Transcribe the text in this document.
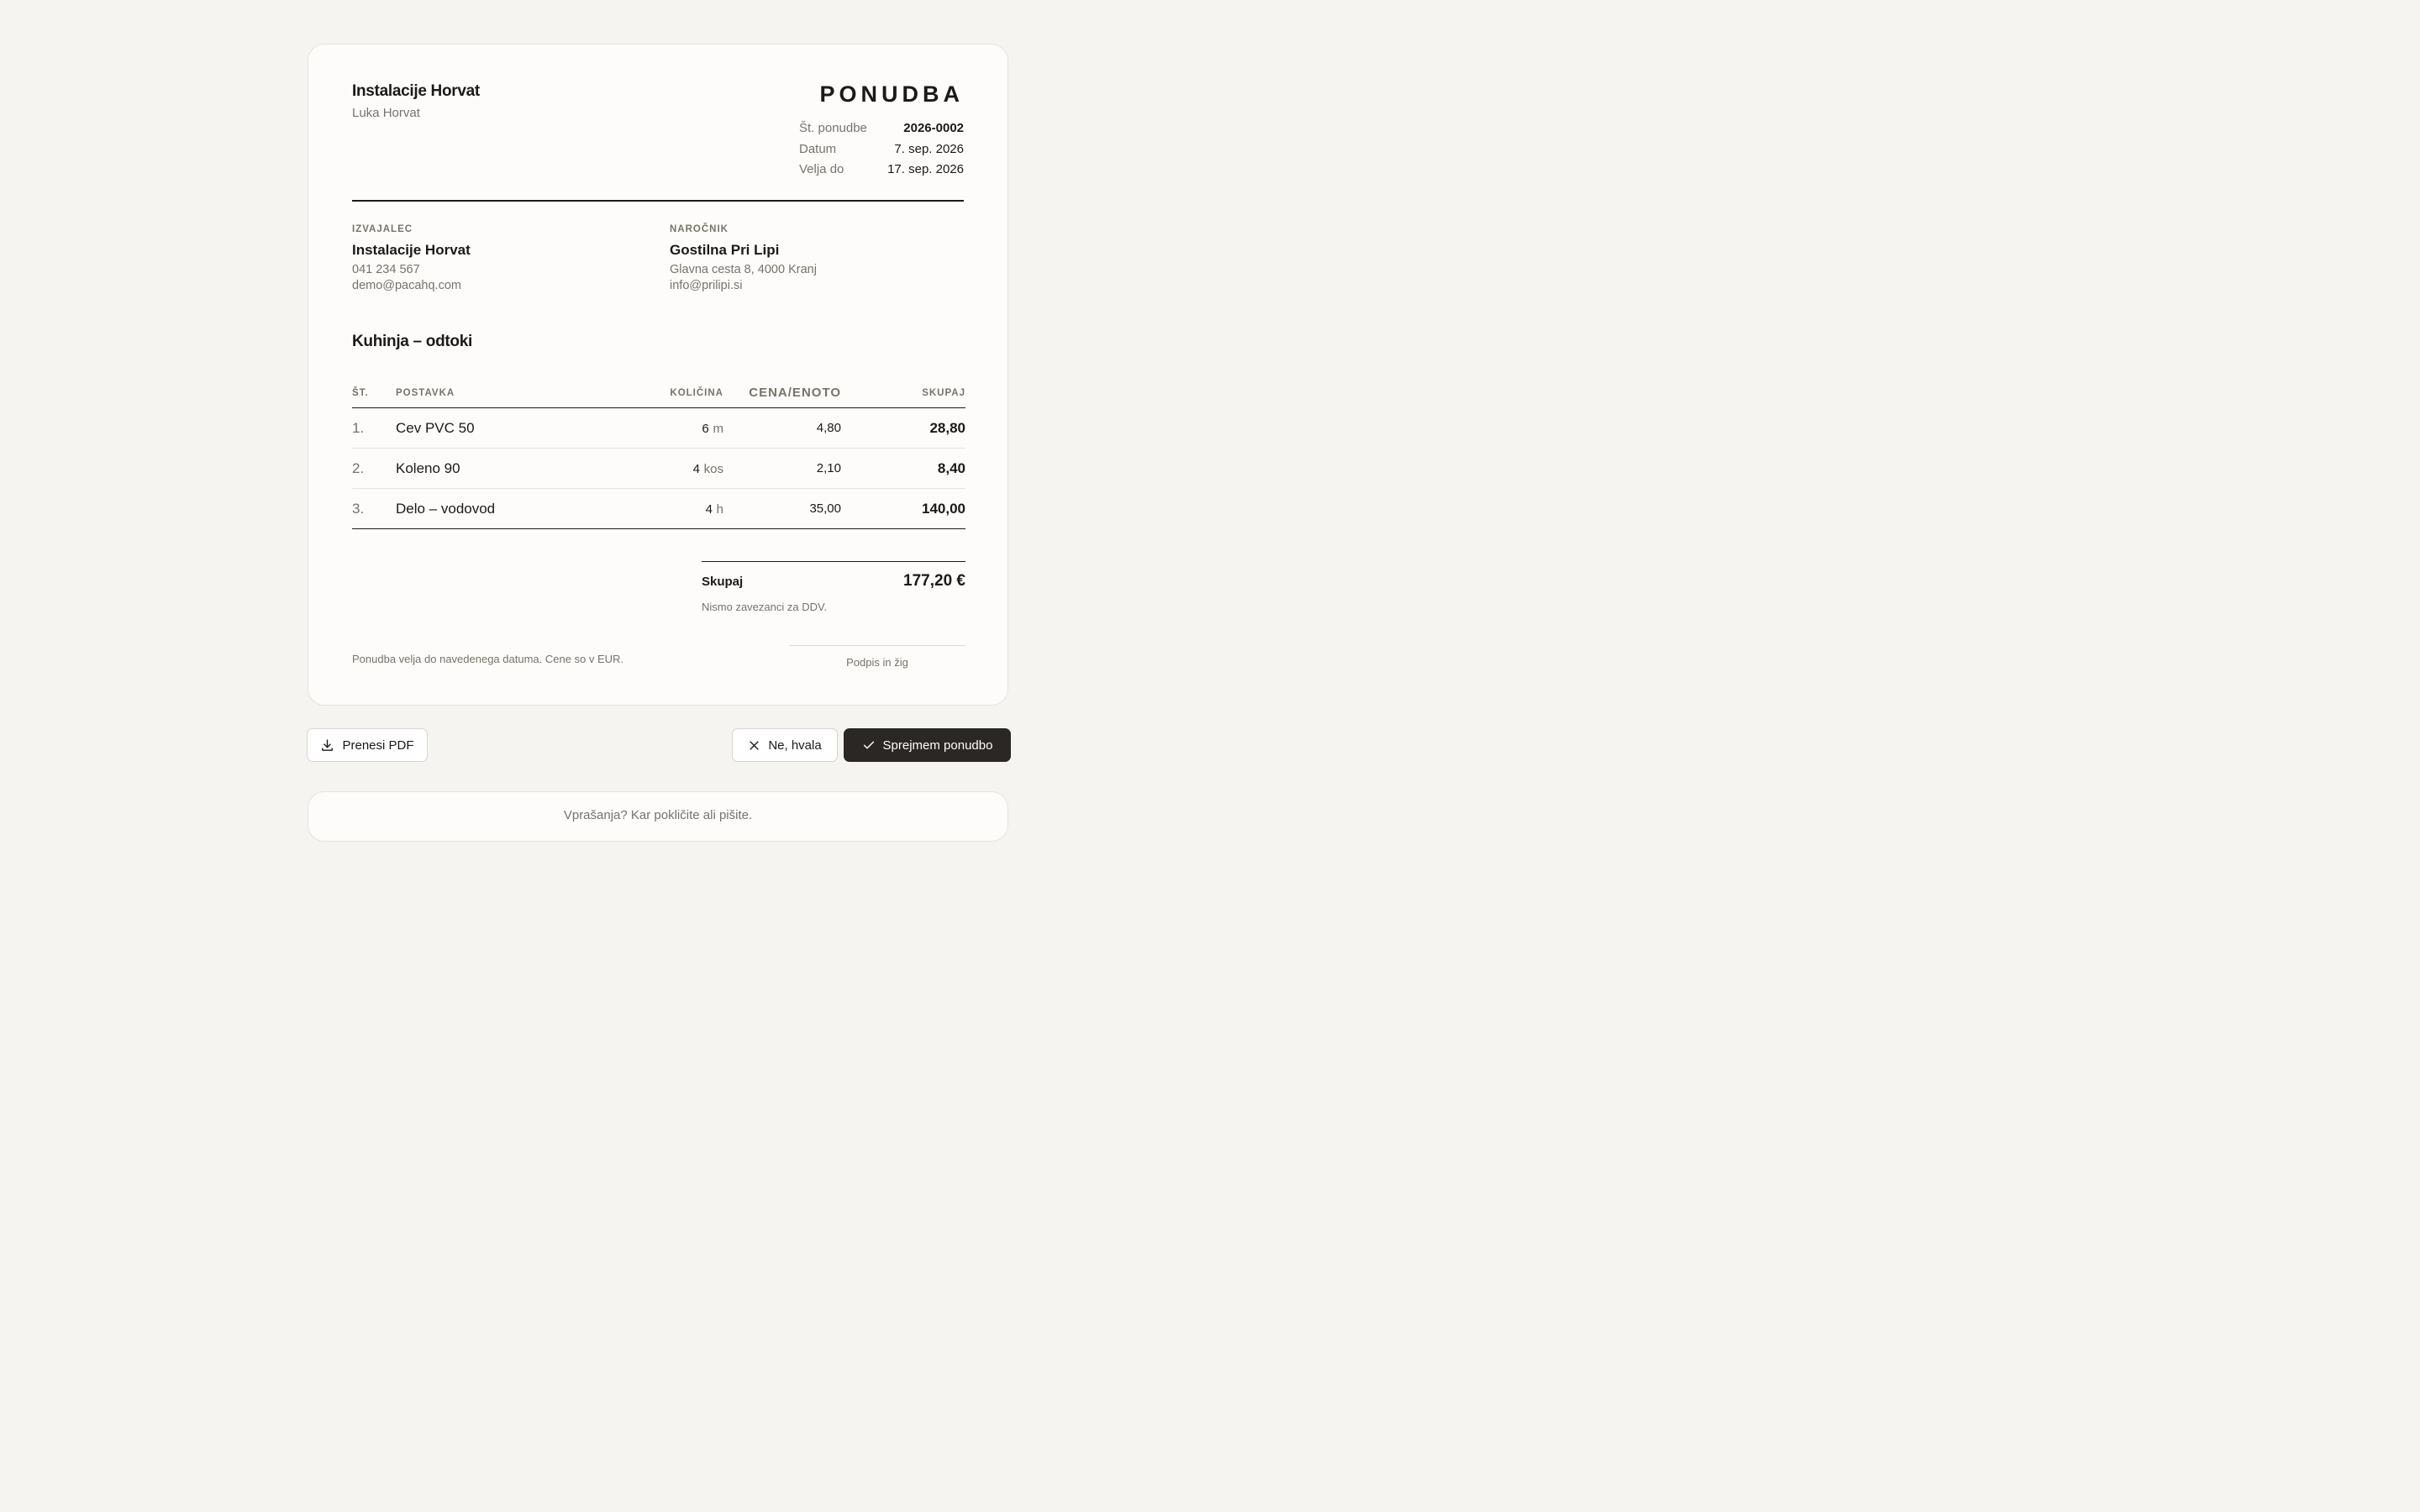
Instalacije Horvat
Luka Horvat
PONUDBA
Št. ponudbe	2026-0002
Datum	7. sep. 2026
Velja do	17. sep. 2026
IZVAJALEC
Instalacije Horvat
041 234 567
demo@pacahq.com
NAROČNIK
Gostilna Pri Lipi
Glavna cesta 8, 4000 Kranj
info@prilipi.si
Kuhinja – odtoki
ŠT.	POSTAVKA	KOLIČINA	CENA/ENOTO	SKUPAJ
1.	Cev PVC 50	6 m	4,80	28,80
2.	Koleno 90	4 kos	2,10	8,40
3.	Delo – vodovod	4 h	35,00	140,00
Skupaj	177,20 €
Nismo zavezanci za DDV.
Ponudba velja do navedenega datuma. Cene so v EUR.	Podpis in žig
Prenesi PDF	Ne, hvala	Sprejmem ponudbo
Vprašanja? Kar pokličite ali pišite.
